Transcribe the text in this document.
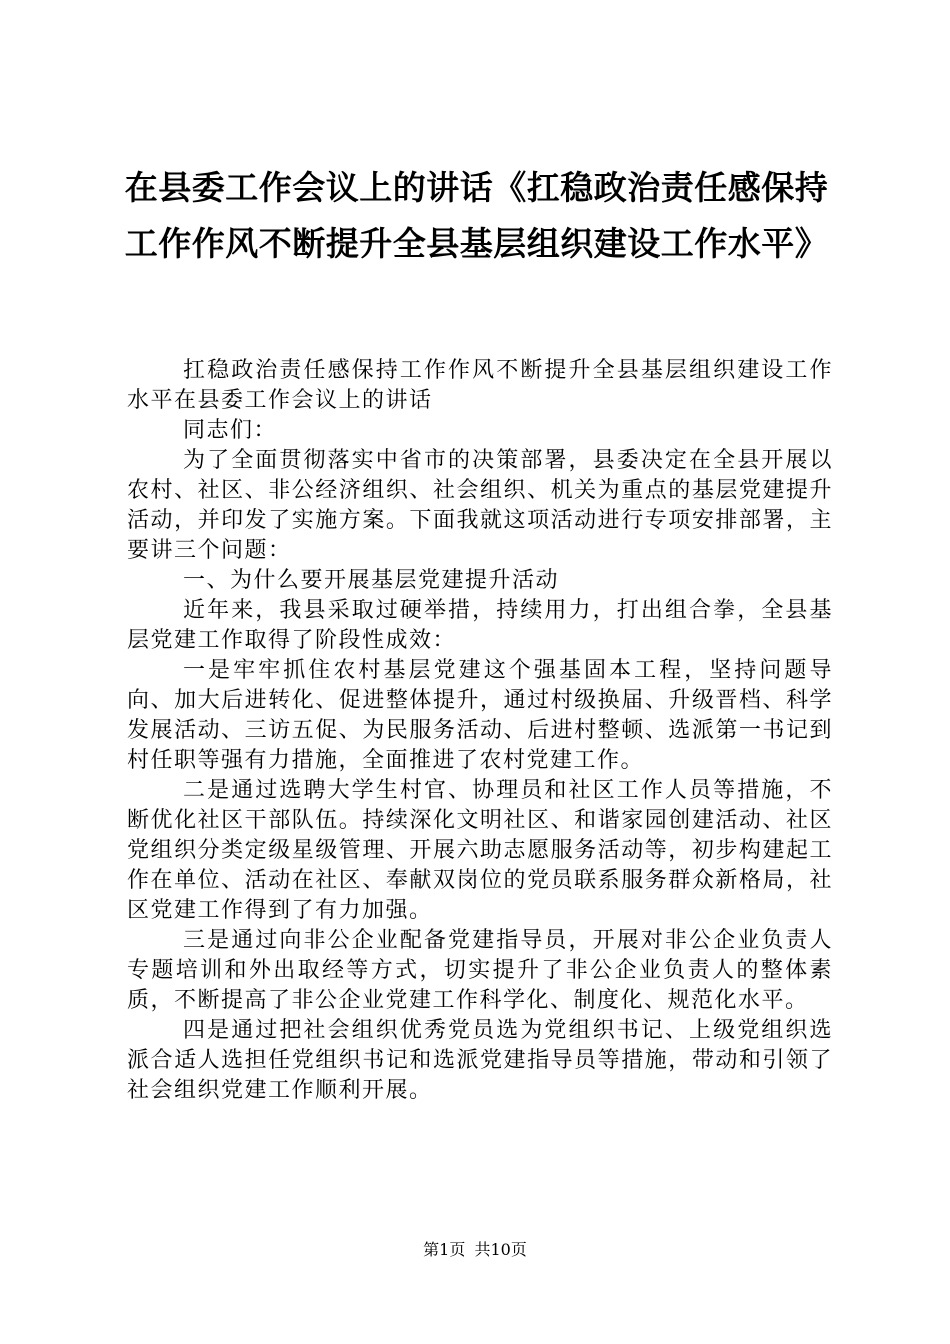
在县委工作会议上的讲话《扛稳政治责任感保持工作作风不断提升全县基层组织建设工作水平》

扛稳政治责任感保持工作作风不断提升全县基层组织建设工作水平在县委工作会议上的讲话

同志们：

为了全面贯彻落实中省市的决策部署，县委决定在全县开展以农村、社区、非公经济组织、社会组织、机关为重点的基层党建提升活动，并印发了实施方案。下面我就这项活动进行专项安排部署，主要讲三个问题：

一、为什么要开展基层党建提升活动

近年来，我县采取过硬举措，持续用力，打出组合拳，全县基层党建工作取得了阶段性成效：

一是牢牢抓住农村基层党建这个强基固本工程，坚持问题导向、加大后进转化、促进整体提升，通过村级换届、升级晋档、科学发展活动、三访五促、为民服务活动、后进村整顿、选派第一书记到村任职等强有力措施，全面推进了农村党建工作。

二是通过选聘大学生村官、协理员和社区工作人员等措施，不断优化社区干部队伍。持续深化文明社区、和谐家园创建活动、社区党组织分类定级星级管理、开展六助志愿服务活动等，初步构建起工作在单位、活动在社区、奉献双岗位的党员联系服务群众新格局，社区党建工作得到了有力加强。

三是通过向非公企业配备党建指导员，开展对非公企业负责人专题培训和外出取经等方式，切实提升了非公企业负责人的整体素质，不断提高了非公企业党建工作科学化、制度化、规范化水平。

四是通过把社会组织优秀党员选为党组织书记、上级党组织选派合适人选担任党组织书记和选派党建指导员等措施，带动和引领了社会组织党建工作顺利开展。

第1页 共10页
